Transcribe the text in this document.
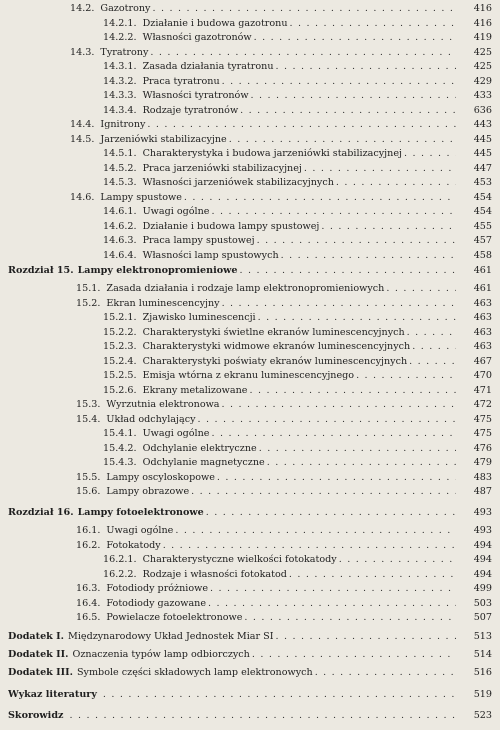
14.2. Gazotrony . . .	416
14.2.1. Działanie i budowa gazotronu . . .	416
14.2.2. Własności gazotronów . . .	419
14.3. Tyratrony . . .	425
14.3.1. Zasada działania tyratronu . . .	425
14.3.2. Praca tyratronu . . .	429
14.3.3. Własności tyratronów . . .	433
14.3.4. Rodzaje tyratronów . . .	636
14.4. Ignitrony . . .	443
14.5. Jarzeniówki stabilizacyjne . . .	445
14.5.1. Charakterystyka i budowa jarzeniówki stabilizacyjnej . . .	445
14.5.2. Praca jarzeniówki stabilizacyjnej . . .	447
14.5.3. Własności jarzeniówek stabilizacyjnych . . .	453
14.6. Lampy spustowe . . .	454
14.6.1. Uwagi ogólne . . .	454
14.6.2. Działanie i budowa lampy spustowej . . .	455
14.6.3. Praca lampy spustowej . . .	457
14.6.4. Własności lamp spustowych . . .	458
Rozdział 15. Lampy elektronopromieniowe . . .	461
15.1. Zasada działania i rodzaje lamp elektronopromieniowych . . .	461
15.2. Ekran luminescencyjny . . .	463
15.2.1. Zjawisko luminescencji . . .	463
15.2.2. Charakterystyki świetlne ekranów luminescencyjnych . . .	463
15.2.3. Charakterystyki widmowe ekranów luminescencyjnych . . .	463
15.2.4. Charakterystyki poświaty ekranów luminescencyjnych . . .	467
15.2.5. Emisja wtórna z ekranu luminescencyjnego . . .	470
15.2.6. Ekrany metalizowane . . .	471
15.3. Wyrzutnia elektronowa . . .	472
15.4. Układ odchylający . . .	475
15.4.1. Uwagi ogólne . . .	475
15.4.2. Odchylanie elektryczne . . .	476
15.4.3. Odchylanie magnetyczne . . .	479
15.5. Lampy oscyloskopowe . . .	483
15.6. Lampy obrazowe . . .	487
Rozdział 16. Lampy fotoelektronowe . . .	493
16.1. Uwagi ogólne . . .	493
16.2. Fotokatody . . .	494
16.2.1. Charakterystyczne wielkości fotokatody . . .	494
16.2.2. Rodzaje i własności fotokatod . . .	494
16.3. Fotodiody próżniowe . . .	499
16.4. Fotodiody gazowane . . .	503
16.5. Powielacze fotoelektronowe . . .	507
Dodatek I. Międzynarodowy Układ Jednostek Miar SI . . .	513
Dodatek II. Oznaczenia typów lamp odbiorczych . . .	514
Dodatek III. Symbole części składowych lamp elektronowych . . .	516
Wykaz literatury . . .	519
Skorowidz . . .	523
